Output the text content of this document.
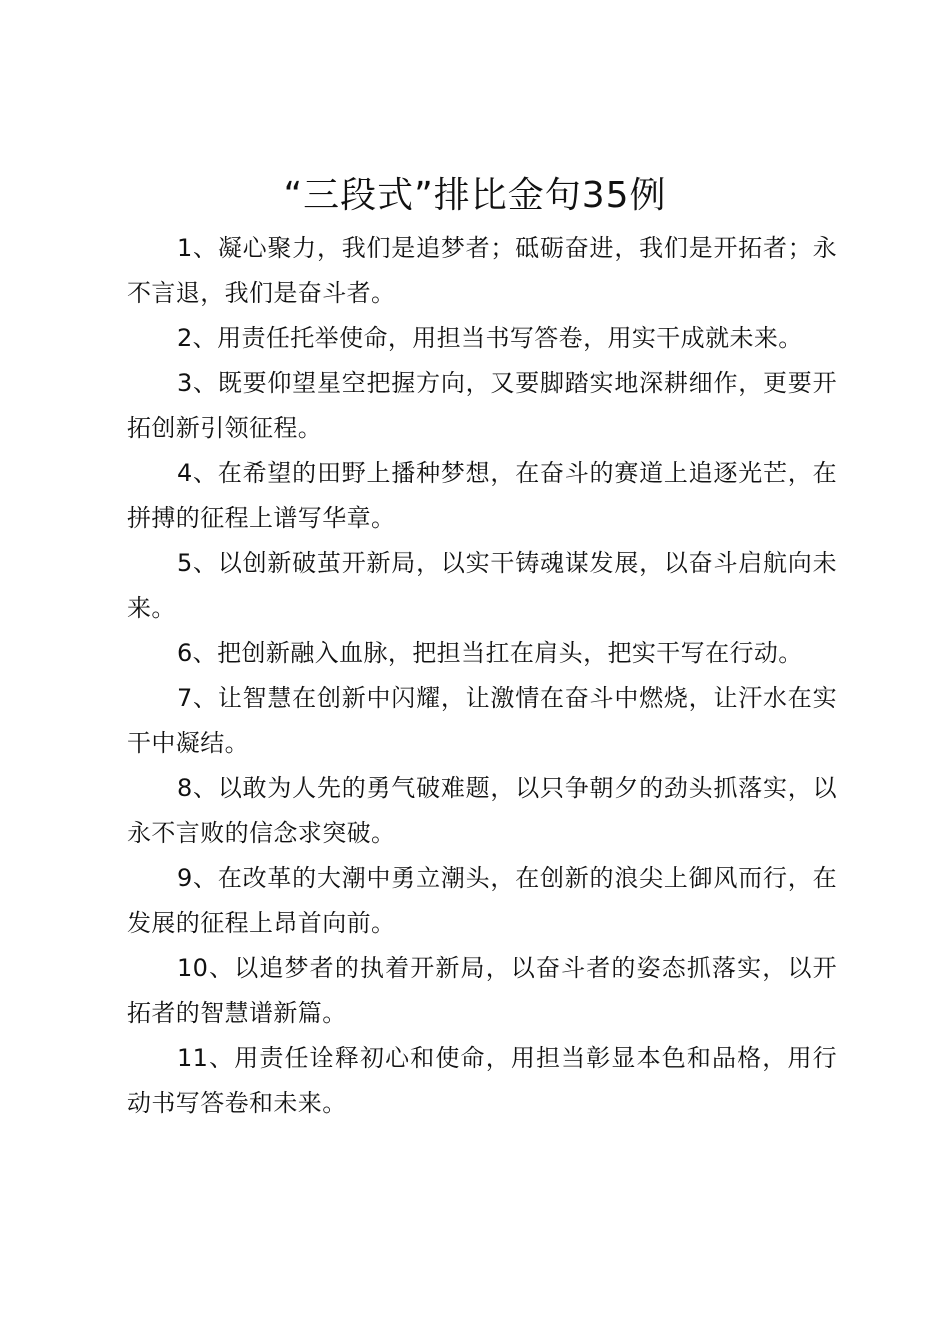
“三段式”排比金句35例

1、凝心聚力，我们是追梦者；砥砺奋进，我们是开拓者；永不言退，我们是奋斗者。

2、用责任托举使命，用担当书写答卷，用实干成就未来。

3、既要仰望星空把握方向，又要脚踏实地深耕细作，更要开拓创新引领征程。

4、在希望的田野上播种梦想，在奋斗的赛道上追逐光芒，在拼搏的征程上谱写华章。

5、以创新破茧开新局，以实干铸魂谋发展，以奋斗启航向未来。

6、把创新融入血脉，把担当扛在肩头，把实干写在行动。

7、让智慧在创新中闪耀，让激情在奋斗中燃烧，让汗水在实干中凝结。

8、以敢为人先的勇气破难题，以只争朝夕的劲头抓落实，以永不言败的信念求突破。

9、在改革的大潮中勇立潮头，在创新的浪尖上御风而行，在发展的征程上昂首向前。

10、以追梦者的执着开新局，以奋斗者的姿态抓落实，以开拓者的智慧谱新篇。

11、用责任诠释初心和使命，用担当彰显本色和品格，用行动书写答卷和未来。
